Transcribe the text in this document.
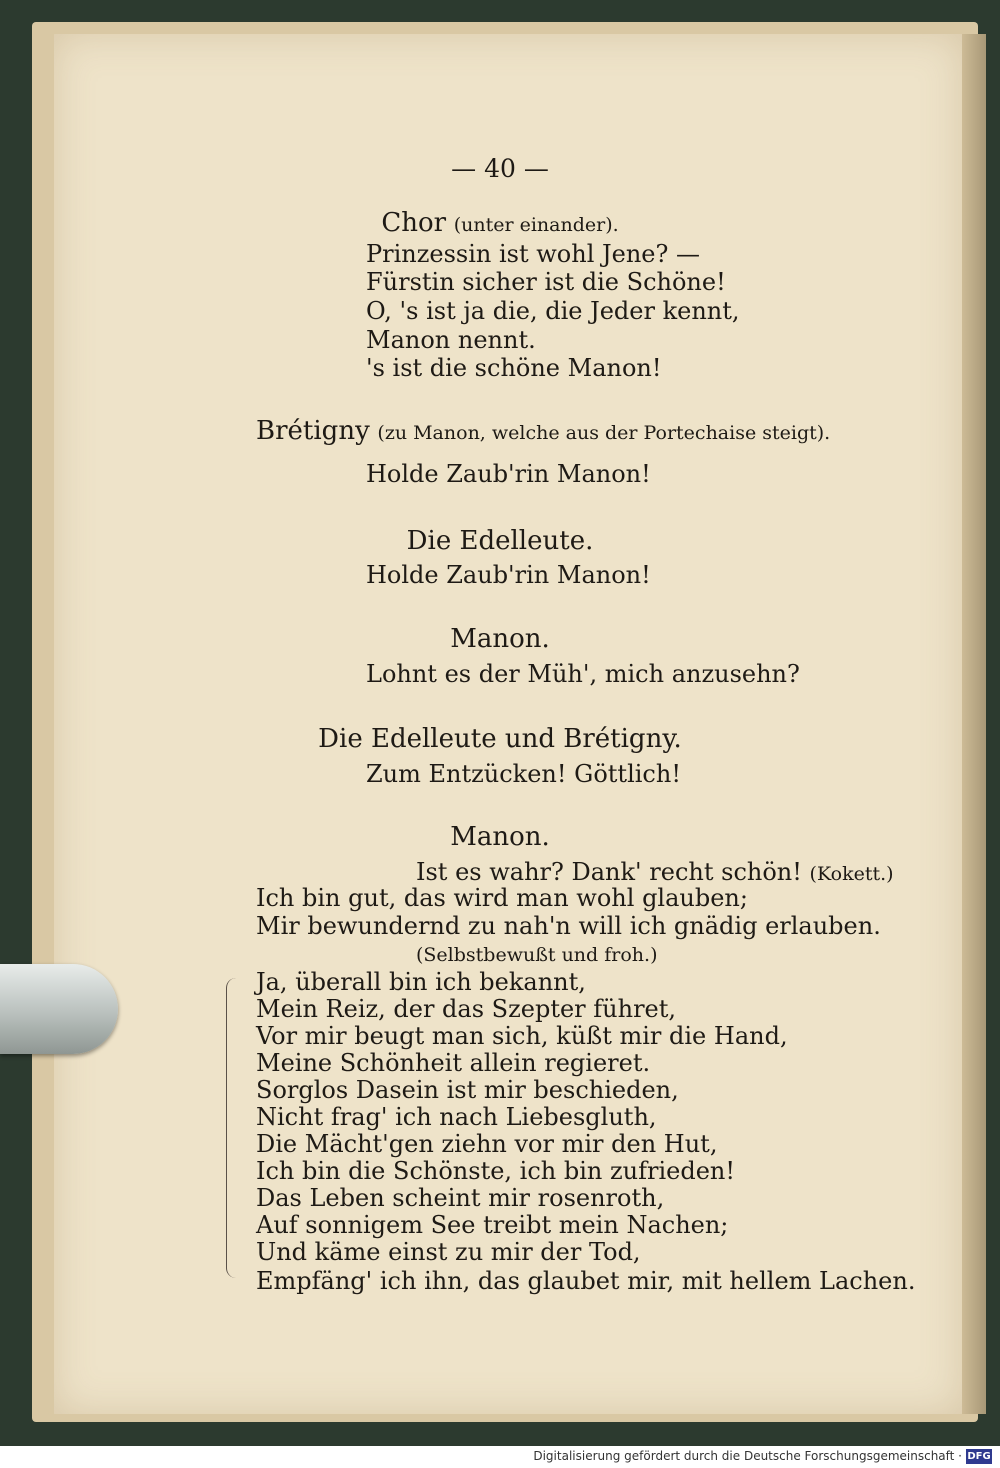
— 40 —
Chor (unter einander).
Prinzessin ist wohl Jene? —
Fürstin sicher ist die Schöne!
O, 's ist ja die, die Jeder kennt,
Manon nennt.
's ist die schöne Manon!
Brétigny (zu Manon, welche aus der Portechaise steigt).
Holde Zaub'rin Manon!
Die Edelleute.
Holde Zaub'rin Manon!
Manon.
Lohnt es der Müh', mich anzusehn?
Die Edelleute und Brétigny.
Zum Entzücken! Göttlich!
Manon.
Ist es wahr? Dank' recht schön! (Kokett.)
Ich bin gut, das wird man wohl glauben;
Mir bewundernd zu nah'n will ich gnädig erlauben.
(Selbstbewußt und froh.)
Ja, überall bin ich bekannt,
Mein Reiz, der das Szepter führet,
Vor mir beugt man sich, küßt mir die Hand,
Meine Schönheit allein regieret.
Sorglos Dasein ist mir beschieden,
Nicht frag' ich nach Liebesgluth,
Die Mächt'gen ziehn vor mir den Hut,
Ich bin die Schönste, ich bin zufrieden!
Das Leben scheint mir rosenroth,
Auf sonnigem See treibt mein Nachen;
Und käme einst zu mir der Tod,
Empfäng' ich ihn, das glaubet mir, mit hellem Lachen.
Digitalisierung gefördert durch die Deutsche Forschungsgemeinschaft · DFG
